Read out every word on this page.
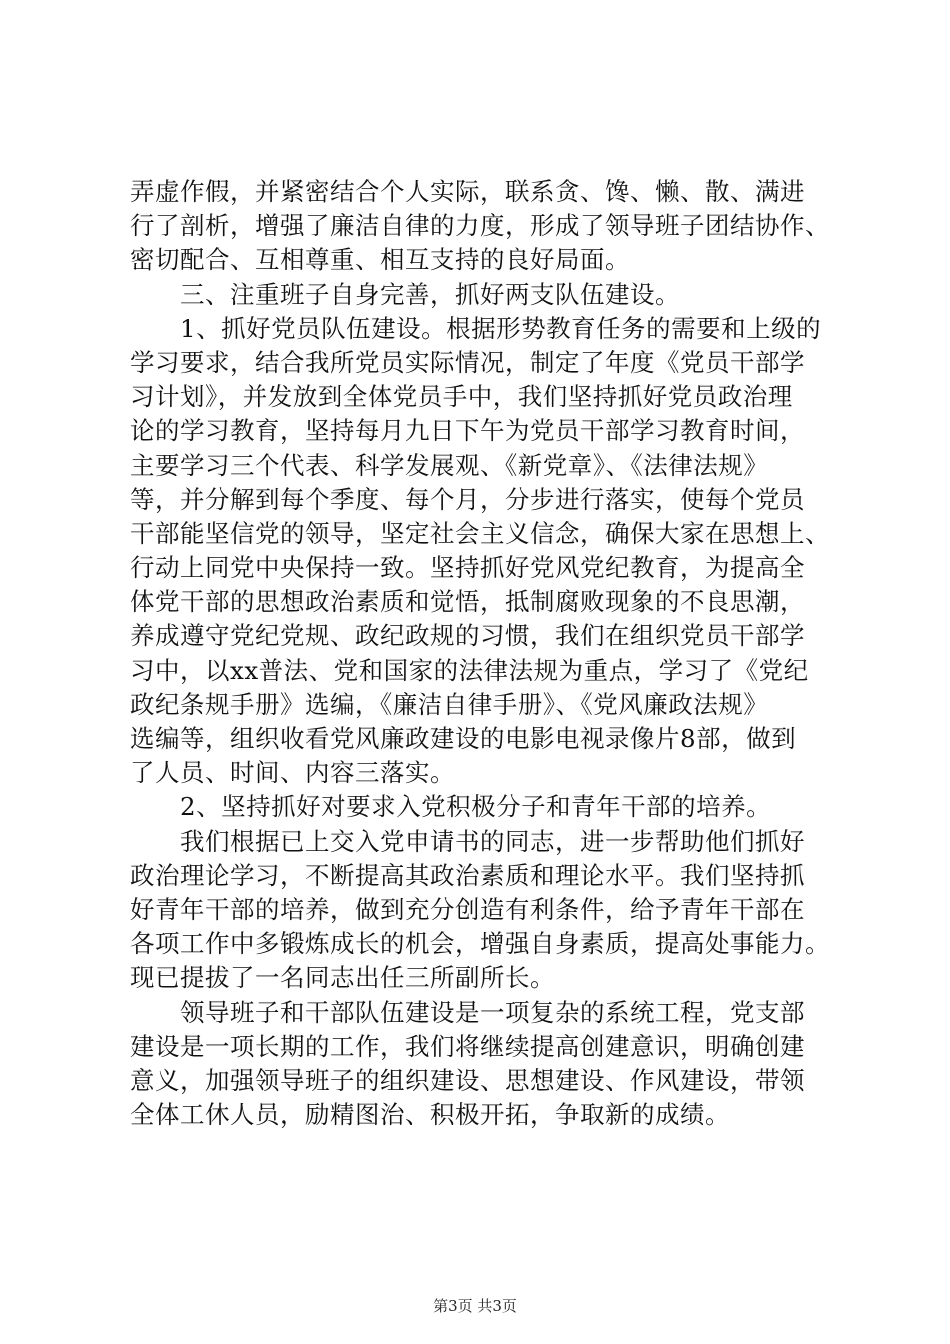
弄虚作假，并紧密结合个人实际，联系贪、馋、懒、散、满进
行了剖析，增强了廉洁自律的力度，形成了领导班子团结协作、
密切配合、互相尊重、相互支持的良好局面。
　　三、注重班子自身完善，抓好两支队伍建设。
　　1、抓好党员队伍建设。根据形势教育任务的需要和上级的
学习要求，结合我所党员实际情况，制定了年度《党员干部学
习计划》，并发放到全体党员手中，我们坚持抓好党员政治理
论的学习教育，坚持每月九日下午为党员干部学习教育时间，
主要学习三个代表、科学发展观、《新党章》、《法律法规》
等，并分解到每个季度、每个月，分步进行落实，使每个党员
干部能坚信党的领导，坚定社会主义信念，确保大家在思想上、
行动上同党中央保持一致。坚持抓好党风党纪教育，为提高全
体党干部的思想政治素质和觉悟，抵制腐败现象的不良思潮，
养成遵守党纪党规、政纪政规的习惯，我们在组织党员干部学
习中，以xx普法、党和国家的法律法规为重点，学习了《党纪
政纪条规手册》选编，《廉洁自律手册》、《党风廉政法规》
选编等，组织收看党风廉政建设的电影电视录像片8部，做到
了人员、时间、内容三落实。
　　2、坚持抓好对要求入党积极分子和青年干部的培养。
　　我们根据已上交入党申请书的同志，进一步帮助他们抓好
政治理论学习，不断提高其政治素质和理论水平。我们坚持抓
好青年干部的培养，做到充分创造有利条件，给予青年干部在
各项工作中多锻炼成长的机会，增强自身素质，提高处事能力。
现已提拔了一名同志出任三所副所长。
　　领导班子和干部队伍建设是一项复杂的系统工程，党支部
建设是一项长期的工作，我们将继续提高创建意识，明确创建
意义，加强领导班子的组织建设、思想建设、作风建设，带领
全体工休人员，励精图治、积极开拓，争取新的成绩。
第3页 共3页
